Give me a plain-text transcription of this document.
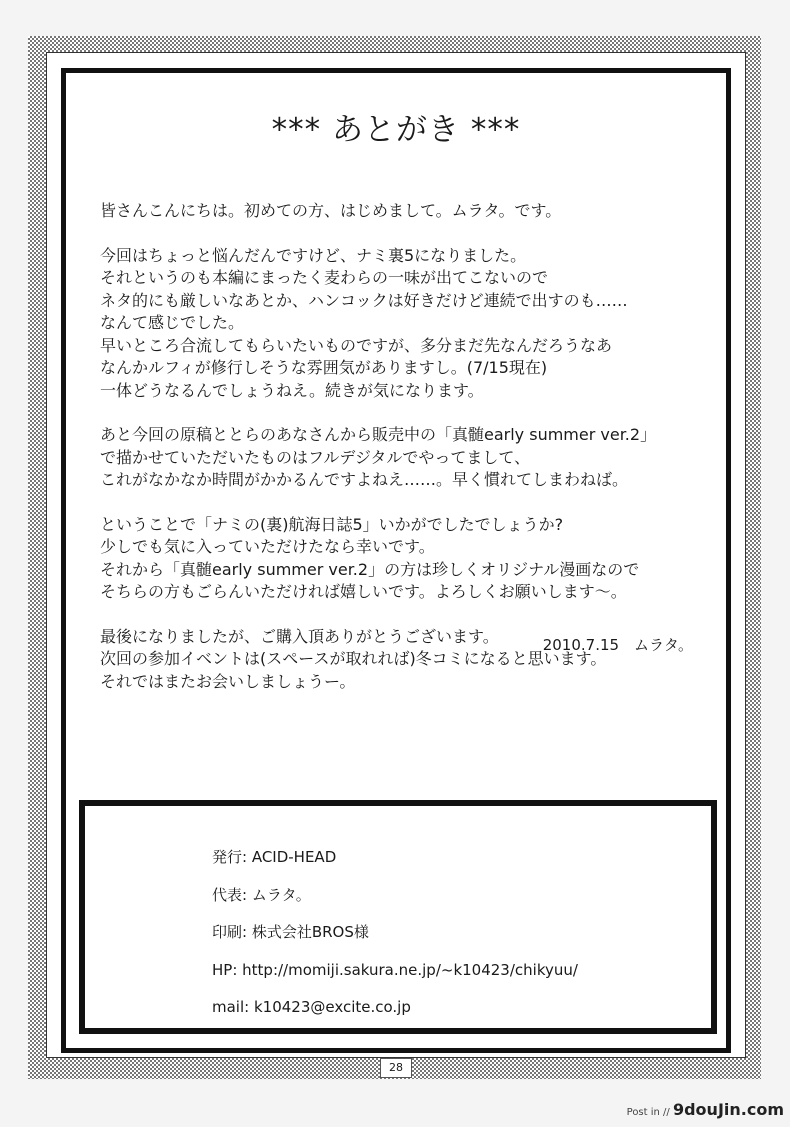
*** あとがき ***
皆さんこんにちは。初めての方、はじめまして。ムラタ。です。
今回はちょっと悩んだんですけど、ナミ裏5になりました。
それというのも本編にまったく麦わらの一味が出てこないので
ネタ的にも厳しいなあとか、ハンコックは好きだけど連続で出すのも……
なんて感じでした。
早いところ合流してもらいたいものですが、多分まだ先なんだろうなあ
なんかルフィが修行しそうな雰囲気がありますし。(7/15現在)
一体どうなるんでしょうねえ。続きが気になります。
あと今回の原稿ととらのあなさんから販売中の「真髄early summer ver.2」
で描かせていただいたものはフルデジタルでやってまして、
これがなかなか時間がかかるんですよねえ……。早く慣れてしまわねば。
ということで「ナミの(裏)航海日誌5」いかがでしたでしょうか?
少しでも気に入っていただけたなら幸いです。
それから「真髄early summer ver.2」の方は珍しくオリジナル漫画なので
そちらの方もごらんいただければ嬉しいです。よろしくお願いします～。
最後になりましたが、ご購入頂ありがとうございます。
次回の参加イベントは(スペースが取れれば)冬コミになると思います。
それではまたお会いしましょうー。
2010.7.15　ムラタ。
発行: ACID-HEAD
代表: ムラタ。
印刷: 株式会社BROS様
HP: http://momiji.sakura.ne.jp/~k10423/chikyuu/
mail: k10423@excite.co.jp
28
Post in // 9douJin.com
